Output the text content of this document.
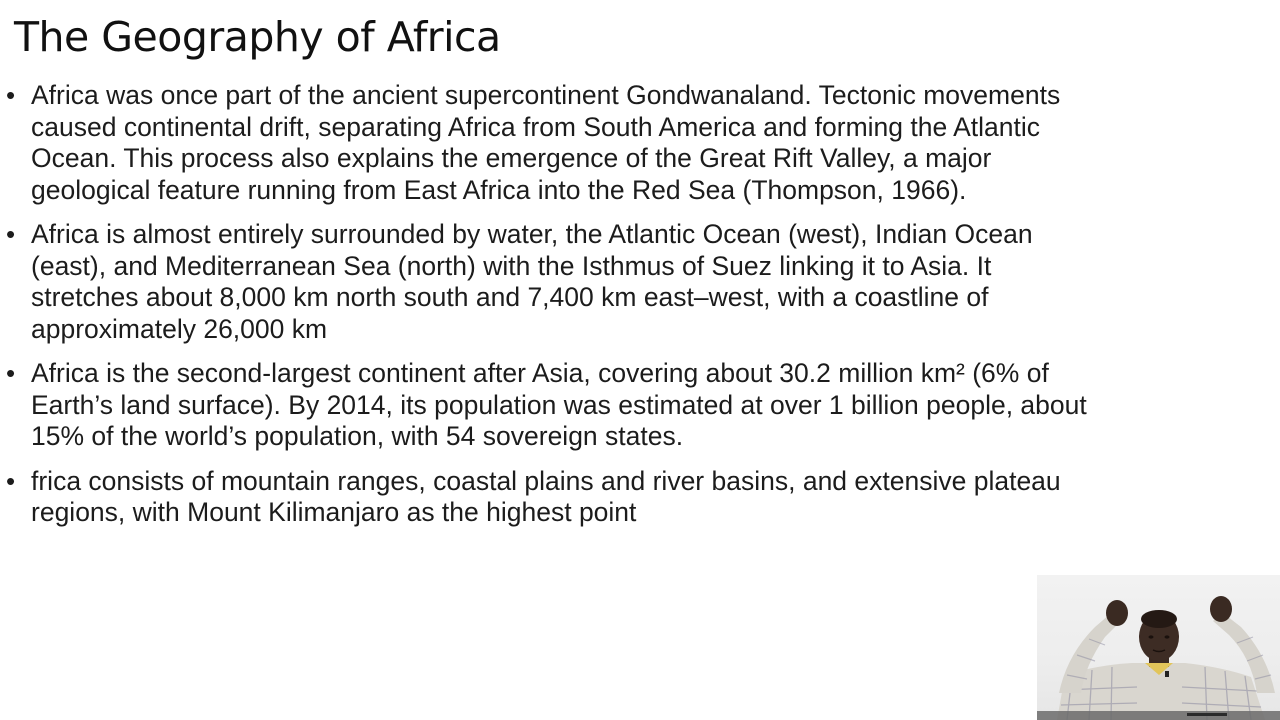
The Geography of Africa
• Africa was once part of the ancient supercontinent Gondwanaland. Tectonic movements caused continental drift, separating Africa from South America and forming the Atlantic Ocean. This process also explains the emergence of the Great Rift Valley, a major geological feature running from East Africa into the Red Sea (Thompson, 1966).
• Africa is almost entirely surrounded by water, the Atlantic Ocean (west), Indian Ocean (east), and Mediterranean Sea (north) with the Isthmus of Suez linking it to Asia. It stretches about 8,000 km north south and 7,400 km east–west, with a coastline of approximately 26,000 km
• Africa is the second-largest continent after Asia, covering about 30.2 million km² (6% of Earth’s land surface). By 2014, its population was estimated at over 1 billion people, about 15% of the world’s population, with 54 sovereign states.
• frica consists of mountain ranges, coastal plains and river basins, and extensive plateau regions, with Mount Kilimanjaro as the highest point
